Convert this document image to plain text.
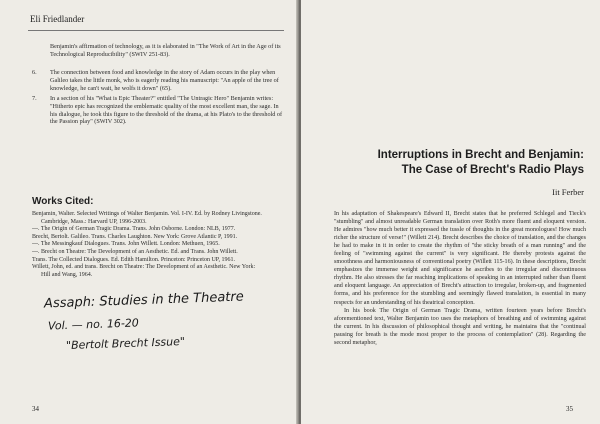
Eli Friedlander
Benjamin's affirmation of technology, as it is elaborated in "The Work of Art in the Age of its Technological Reproducibility" (SWIV 251-83).
6. The connection between food and knowledge in the story of Adam occurs in the play when Galileo takes the little monk, who is eagerly reading his manuscript: "An apple of the tree of knowledge, he can't wait, he wolfs it down" (65).
7. In a section of his "What is Epic Theater?" entitled "The Untragic Hero" Benjamin writes: "Hitherto epic has recognized the emblematic quality of the most excellent man, the sage. In his dialogue, he took this figure to the threshold of the drama, at his Plato's to the threshold of the Passion play" (SWIV 302).
Works Cited:
Benjamin, Walter. Selected Writings of Walter Benjamin. Vol. I-IV. Ed. by Rodney Livingstone.
Cambridge, Mass.: Harvard UP, 1996-2003.
---. The Origin of German Tragic Drama. Trans. John Osborne. London: NLB, 1977.
Brecht, Bertolt. Galileo. Trans. Charles Laughton. New York: Grove Atlantic P, 1991.
---. The Messingkauf Dialogues. Trans. John Willett. London: Methuen, 1965.
---. Brecht on Theatre: The Development of an Aesthetic. Ed. and Trans. John Willett.
Trans. The Collected Dialogues. Ed. Edith Hamilton. Princeton: Princeton UP, 1961.
Willett, John, ed. and trans. Brecht on Theatre: The Development of an Aesthetic. New York:
Hill and Wang, 1964.
Assaph: Studies in the Theatre
Vol. — no. 16-20
"Bertolt Brecht Issue"
34
Interruptions in Brecht and Benjamin:
The Case of Brecht's Radio Plays
Iit Ferber

In his adaptation of Shakespeare's Edward II, Brecht states that he preferred Schlegel and Tieck's "stumbling" and almost unreadable German translation over Roth's more fluent and eloquent version. He admires "how much better it expressed the tussle of thoughts in the great monologues! How much richer the structure of verse!" (Willett 214). Brecht describes the choice of translation, and the changes he had to make in it in order to create the rhythm of "the sticky breath of a man running" and the feeling of "swimming against the current" is very significant. He thereby protests against the smoothness and harmoniousness of conventional poetry (Willett 115-16). In these descriptions, Brecht emphasizes the immense weight and significance he ascribes to the irregular and discontinuous rhythm. He also stresses the far reaching implications of speaking in an interrupted rather than fluent and eloquent language. An appreciation of Brecht's attraction to irregular, broken-up, and fragmented forms, and his preference for the stumbling and seemingly flawed translation, is essential in many respects for an understanding of his theatrical conception.

In his book The Origin of German Tragic Drama, written fourteen years before Brecht's aforementioned text, Walter Benjamin too uses the metaphors of breathing and of swimming against the current. In his discussion of philosophical thought and writing, he maintains that the "continual pausing for breath is the mode most proper to the process of contemplation" (28). Regarding the second metaphor,

35
